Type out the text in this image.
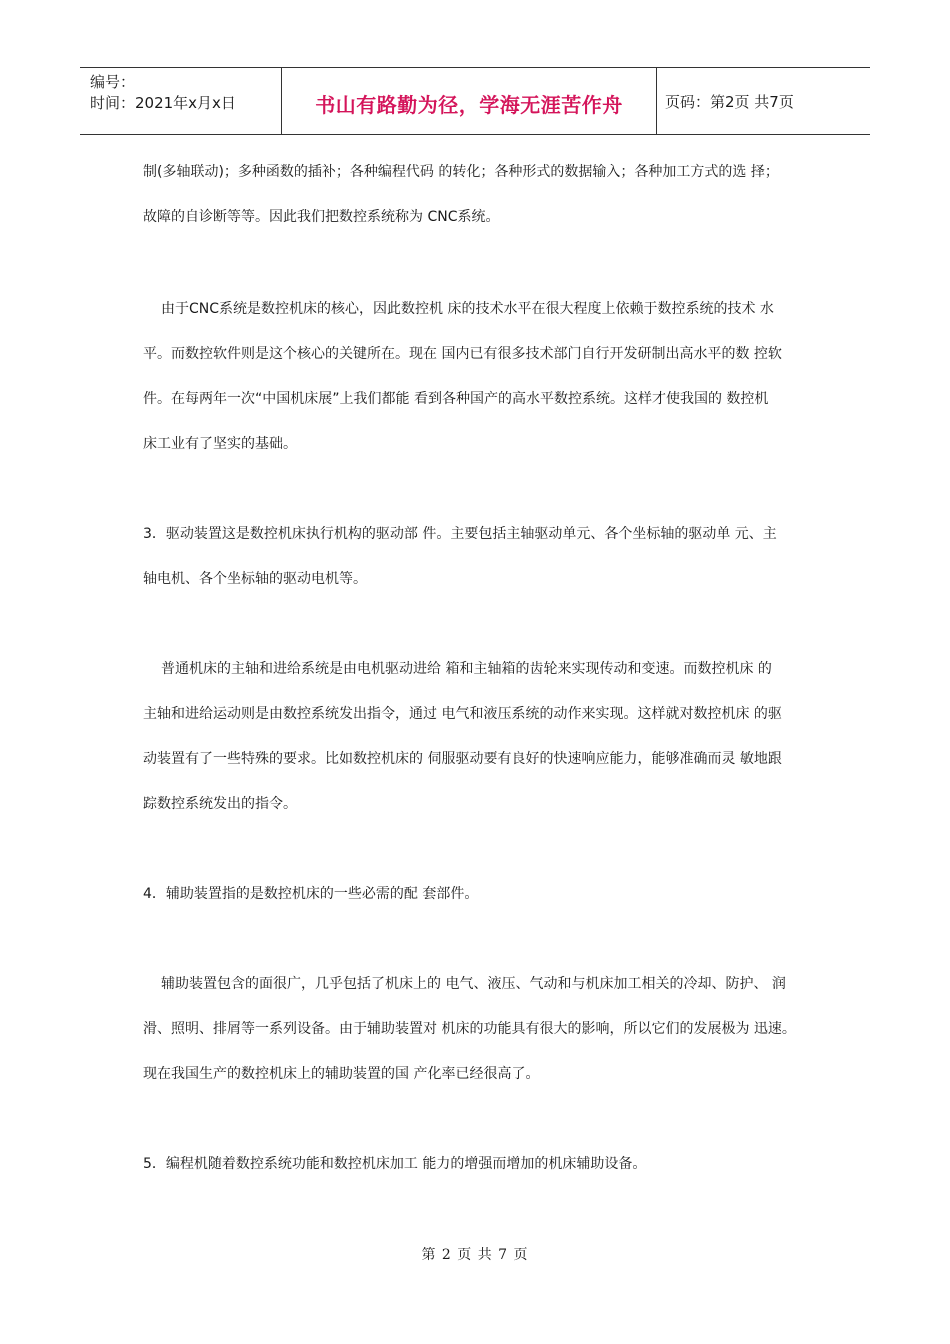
编号：
时间：2021年x月x日	书山有路勤为径，学海无涯苦作舟	页码：第2页 共7页
制(多轴联动)；多种函数的插补；各种编程代码 的转化；各种形式的数据输入；各种加工方式的选 择；
故障的自诊断等等。因此我们把数控系统称为 CNC系统。
由于CNC系统是数控机床的核心，因此数控机 床的技术水平在很大程度上依赖于数控系统的技术 水
平。而数控软件则是这个核心的关键所在。现在 国内已有很多技术部门自行开发研制出高水平的数 控软
件。在每两年一次“中国机床展”上我们都能 看到各种国产的高水平数控系统。这样才使我国的 数控机
床工业有了坚实的基础。
3．驱动装置这是数控机床执行机构的驱动部 件。主要包括主轴驱动单元、各个坐标轴的驱动单 元、主
轴电机、各个坐标轴的驱动电机等。
普通机床的主轴和进给系统是由电机驱动进给 箱和主轴箱的齿轮来实现传动和变速。而数控机床 的
主轴和进给运动则是由数控系统发出指令，通过 电气和液压系统的动作来实现。这样就对数控机床 的驱
动装置有了一些特殊的要求。比如数控机床的 伺服驱动要有良好的快速响应能力，能够准确而灵 敏地跟
踪数控系统发出的指令。
4．辅助装置指的是数控机床的一些必需的配 套部件。
辅助装置包含的面很广，几乎包括了机床上的 电气、液压、气动和与机床加工相关的冷却、防护、 润
滑、照明、排屑等一系列设备。由于辅助装置对 机床的功能具有很大的影响，所以它们的发展极为 迅速。
现在我国生产的数控机床上的辅助装置的国 产化率已经很高了。
5．编程机随着数控系统功能和数控机床加工 能力的增强而增加的机床辅助设备。
第 2 页 共 7 页
